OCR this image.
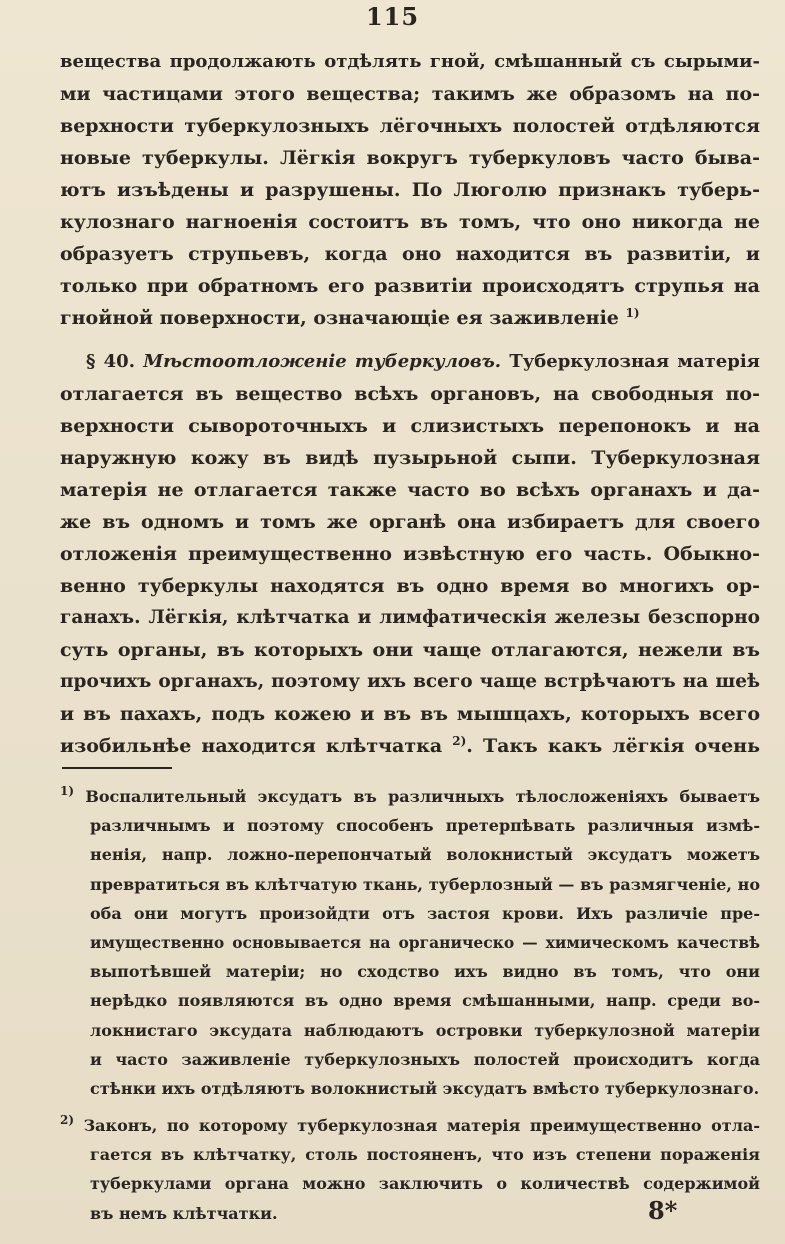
115
вещества продолжають отдѣлять гной, смѣшанный съ сырыми-
ми частицами этого вещества; такимъ же образомъ на по-
верхности туберкулозныхъ лёгочныхъ полостей отдѣляются
новые туберкулы. Лёгкія вокругъ туберкуловъ часто быва-
ютъ изъѣдены и разрушены. По Люголю признакъ туберь-
кулознаго нагноенія состоитъ въ томъ, что оно никогда не
образуетъ струпьевъ, когда оно находится въ развитіи, и
только при обратномъ его развитіи происходятъ струпья на
гнойной поверхности, означающіе ея заживленіе $^{1)}$
§ 40. Мѣстоотложеніе туберкуловъ. Туберкулозная матерія
отлагается въ вещество всѣхъ органовъ, на свободныя по-
верхности сывороточныхъ и слизистыхъ перепонокъ и на
наружную кожу въ видѣ пузырьной сыпи. Туберкулозная
матерія не отлагается также часто во всѣхъ органахъ и да-
же въ одномъ и томъ же органѣ она избираетъ для своего
отложенія преимущественно извѣстную его часть. Обыкно-
венно туберкулы находятся въ одно время во многихъ ор-
ганахъ. Лёгкія, клѣтчатка и лимфатическія железы безспорно
суть органы, въ которыхъ они чаще отлагаются, нежели въ
прочихъ органахъ, поэтому ихъ всего чаще встрѣчаютъ на шеѣ
и въ пахахъ, подъ кожею и въ въ мышцахъ, которыхъ всего
изобильнѣе находится клѣтчатка $^{2)}$. Такъ какъ лёгкія очень
$^{1)}$ Воспалительный эксудатъ въ различныхъ тѣлосложеніяхъ бываетъ
различнымъ и поэтому способенъ претерпѣвать различныя измѣ-
ненія, напр. ложно-перепончатый волокнистый эксудатъ можетъ
превратиться въ клѣтчатую ткань, туберлозный — въ размягченіе, но
оба они могутъ произойдти отъ застоя крови. Ихъ различіе пре-
имущественно основывается на органическо — химическомъ качествѣ
выпотѣвшей матеріи; но сходство ихъ видно въ томъ, что они
нерѣдко появляются въ одно время смѣшанными, напр. среди во-
локнистаго эксудата наблюдаютъ островки туберкулозной матеріи
и часто заживленіе туберкулозныхъ полостей происходитъ когда
стѣнки ихъ отдѣляютъ волокнистый эксудатъ вмѣсто туберкулознаго.
$^{2)}$ Законъ, по которому туберкулозная матерія преимущественно отла-
гается въ клѣтчатку, столь постояненъ, что изъ степени пораженія
туберкулами органа можно заключить о количествѣ содержимой
въ немъ клѣтчатки.	8*
